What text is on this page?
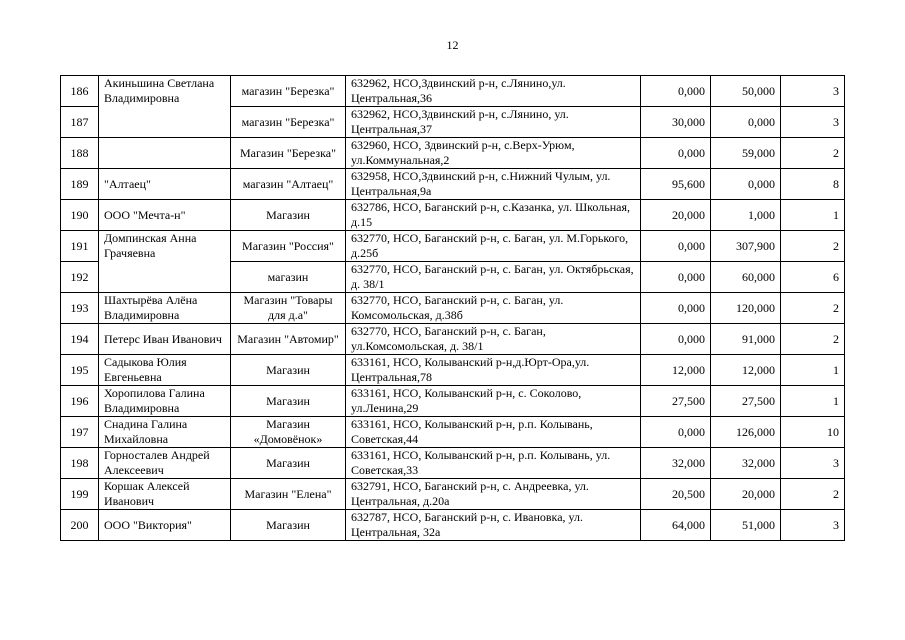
12
186	Акиньшина Светлана Владимировна	магазин "Березка"	632962, НСО,Здвинский р-н, с.Лянино,ул. Центральная,36	0,000	50,000	3
187		магазин "Березка"	632962, НСО,Здвинский р-н, с.Лянино, ул. Центральная,37	30,000	0,000	3
188		Магазин "Березка"	632960, НСО, Здвинский р-н, с.Верх-Урюм, ул.Коммунальная,2	0,000	59,000	2
189	"Алтаец"	магазин "Алтаец"	632958, НСО,Здвинский р-н, с.Нижний Чулым, ул. Центральная,9а	95,600	0,000	8
190	ООО "Мечта-н"	Магазин	632786, НСО, Баганский р-н, с.Казанка, ул. Школьная, д.15	20,000	1,000	1
191	Домпинская Анна Грачяевна	Магазин "Россия"	632770, НСО, Баганский р-н, с. Баган, ул. М.Горького, д.25б	0,000	307,900	2
192		магазин	632770, НСО, Баганский р-н, с. Баган, ул. Октябрьская, д. 38/1	0,000	60,000	6
193	Шахтырёва Алёна Владимировна	Магазин "Товары для д.а"	632770, НСО, Баганский р-н, с. Баган, ул. Комсомольская, д.38б	0,000	120,000	2
194	Петерс Иван Иванович	Магазин "Автомир"	632770, НСО, Баганский р-н, с. Баган, ул.Комсомольская, д. 38/1	0,000	91,000	2
195	Садыкова Юлия Евгеньевна	Магазин	633161, НСО, Колыванский р-н,д.Юрт-Ора,ул. Центральная,78	12,000	12,000	1
196	Хоропилова Галина Владимировна	Магазин	633161, НСО, Колыванский р-н, с. Соколово, ул.Ленина,29	27,500	27,500	1
197	Снадина Галина Михайловна	Магазин «Домовёнок»	633161, НСО, Колыванский р-н, р.п. Колывань, Советская,44	0,000	126,000	10
198	Горносталев Андрей Алексеевич	Магазин	633161, НСО, Колыванский р-н, р.п. Колывань, ул. Советская,33	32,000	32,000	3
199	Коршак Алексей Иванович	Магазин "Елена"	632791, НСО, Баганский р-н, с. Андреевка, ул. Центральная, д.20а	20,500	20,000	2
200	ООО "Виктория"	Магазин	632787, НСО, Баганский р-н, с. Ивановка, ул. Центральная, 32а	64,000	51,000	3
